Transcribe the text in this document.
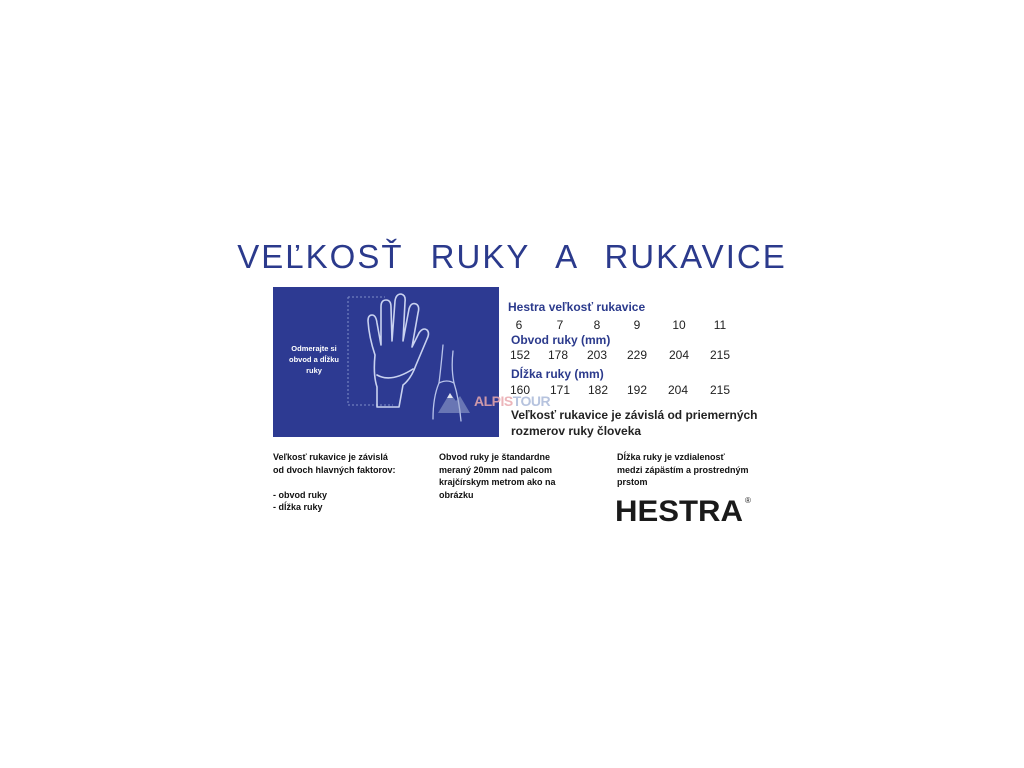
VEĽKOSŤ RUKY A RUKAVICE
Odmerajte si
obvod a dĺžku
ruky
Hestra veľkosť rukavice
6	7	8	9	10	11
Obvod ruky (mm)
152	178	203	229	204	215
Dĺžka ruky (mm)
160	171	182	192	204	215
ALPISTOUR
Veľkosť rukavice je závislá od priemerných
rozmerov ruky človeka
Veľkosť rukavice je závislá
od dvoch hlavných faktorov:
- obvod ruky
- dĺžka ruky
Obvod ruky je štandardne
meraný 20mm nad palcom
krajčírskym metrom ako na
obrázku
Dĺžka ruky je vzdialenosť
medzi zápästím a prostredným
prstom
HESTRA ®
